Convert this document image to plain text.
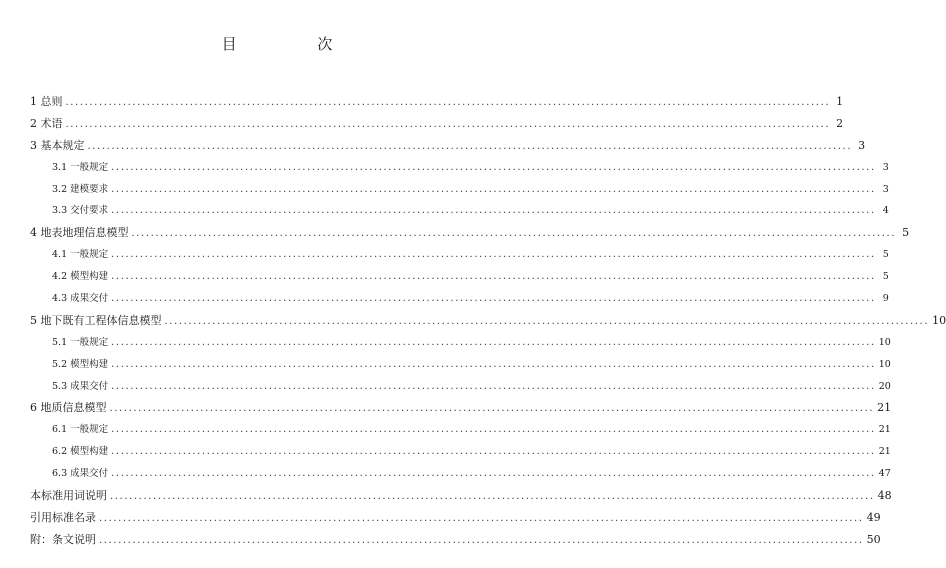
目 次
1 总则 ................................................................................................................................................................ 1
2 术语 ................................................................................................................................................................ 2
3 基本规定 ................................................................................................................................................................ 3
3.1 一般规定 ................................................................................................................................................................ 3
3.2 建模要求 ................................................................................................................................................................ 3
3.3 交付要求 ................................................................................................................................................................ 4
4 地表地理信息模型 ................................................................................................................................................................ 5
4.1 一般规定 ................................................................................................................................................................ 5
4.2 模型构建 ................................................................................................................................................................ 5
4.3 成果交付 ................................................................................................................................................................ 9
5 地下既有工程体信息模型 ................................................................................................................................................................ 10
5.1 一般规定 ................................................................................................................................................................ 10
5.2 模型构建 ................................................................................................................................................................ 10
5.3 成果交付 ................................................................................................................................................................ 20
6 地质信息模型 ................................................................................................................................................................ 21
6.1 一般规定 ................................................................................................................................................................ 21
6.2 模型构建 ................................................................................................................................................................ 21
6.3 成果交付 ................................................................................................................................................................ 47
本标准用词说明 ................................................................................................................................................................ 48
引用标准名录 ................................................................................................................................................................ 49
附：条文说明 ................................................................................................................................................................ 50
